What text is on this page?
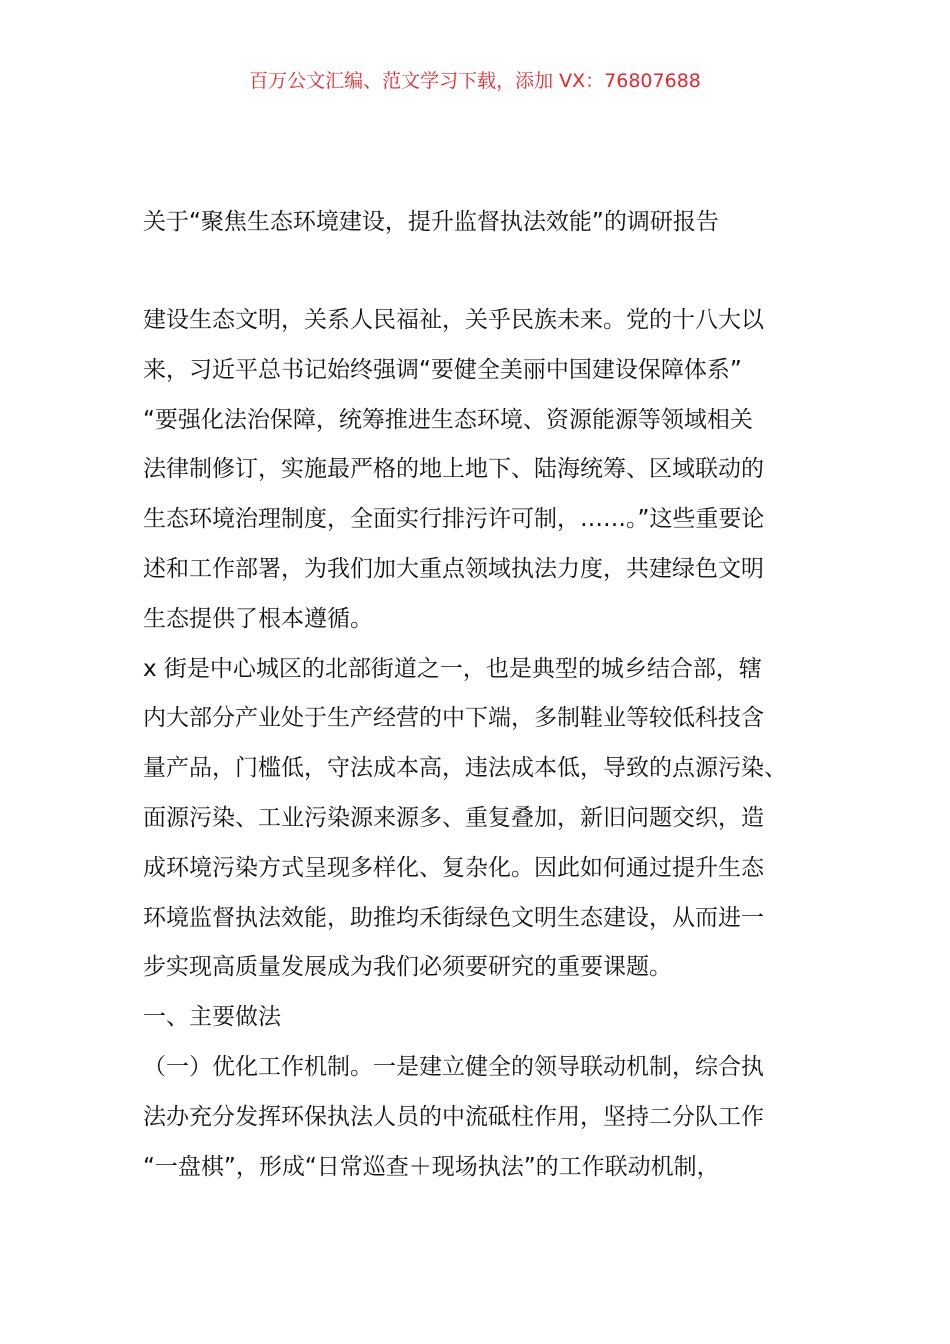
百万公文汇编、范文学习下载，添加 VX：76807688
关于“聚焦生态环境建设，提升监督执法效能”的调研报告
建设生态文明，关系人民福祉，关乎民族未来。党的十八大以
来，习近平总书记始终强调“要健全美丽中国建设保障体系”
“要强化法治保障，统筹推进生态环境、资源能源等领域相关
法律制修订，实施最严格的地上地下、陆海统筹、区域联动的
生态环境治理制度，全面实行排污许可制，……。”这些重要论
述和工作部署，为我们加大重点领域执法力度，共建绿色文明
生态提供了根本遵循。
x 街是中心城区的北部街道之一，也是典型的城乡结合部，辖
内大部分产业处于生产经营的中下端，多制鞋业等较低科技含
量产品，门槛低，守法成本高，违法成本低，导致的点源污染、
面源污染、工业污染源来源多、重复叠加，新旧问题交织，造
成环境污染方式呈现多样化、复杂化。因此如何通过提升生态
环境监督执法效能，助推均禾街绿色文明生态建设，从而进一
步实现高质量发展成为我们必须要研究的重要课题。
一、主要做法
（一）优化工作机制。一是建立健全的领导联动机制，综合执
法办充分发挥环保执法人员的中流砥柱作用，坚持二分队工作
“一盘棋”，形成“日常巡查＋现场执法”的工作联动机制，
